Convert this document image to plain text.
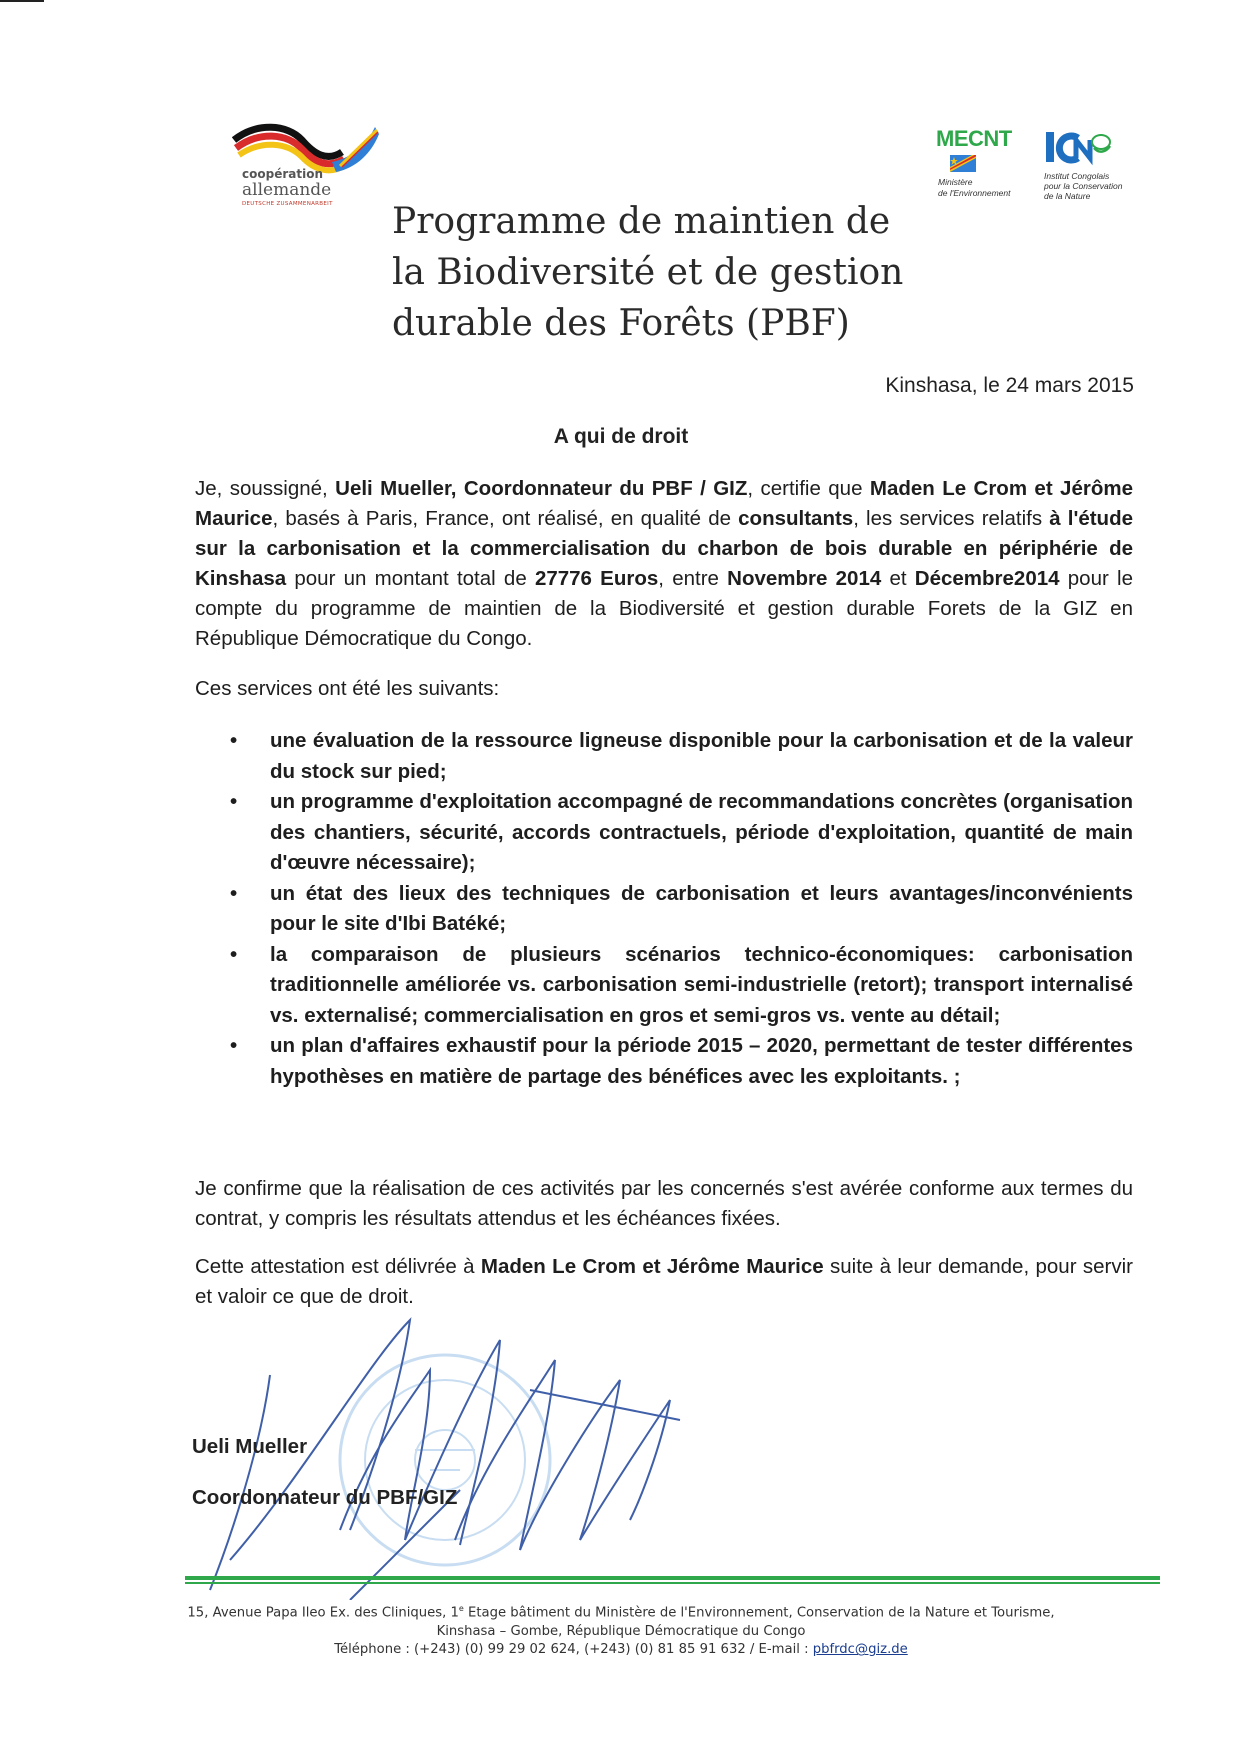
coopération
allemande
DEUTSCHE ZUSAMMENARBEIT
MECNT
Ministère
de l'Environnement
Institut Congolais
pour la Conservation
de la Nature
Programme de maintien de
la Biodiversité et de gestion
durable des Forêts (PBF)
Kinshasa, le 24 mars 2015
A qui de droit

Je, soussigné, Ueli Mueller, Coordonnateur du PBF / GIZ, certifie que Maden Le Crom et Jérôme Maurice, basés à Paris, France, ont réalisé, en qualité de consultants, les services relatifs à l'étude sur la carbonisation et la commercialisation du charbon de bois durable en périphérie de Kinshasa pour un montant total de 27776 Euros, entre Novembre 2014 et Décembre2014 pour le compte du programme de maintien de la Biodiversité et gestion durable Forets de la GIZ en République Démocratique du Congo.

Ces services ont été les suivants:

•	une évaluation de la ressource ligneuse disponible pour la carbonisation et de la valeur du stock sur pied;
•	un programme d'exploitation accompagné de recommandations concrètes (organisation des chantiers, sécurité, accords contractuels, période d'exploitation, quantité de main d'œuvre nécessaire);
•	un état des lieux des techniques de carbonisation et leurs avantages/inconvénients pour le site d'Ibi Batéké;
•	la comparaison de plusieurs scénarios technico-économiques: carbonisation traditionnelle améliorée vs. carbonisation semi-industrielle (retort); transport internalisé vs. externalisé; commercialisation en gros et semi-gros vs. vente au détail;
•	un plan d'affaires exhaustif pour la période 2015 – 2020, permettant de tester différentes hypothèses en matière de partage des bénéfices avec les exploitants. ;

Je confirme que la réalisation de ces activités par les concernés s'est avérée conforme aux termes du contrat, y compris les résultats attendus et les échéances fixées.

Cette attestation est délivrée à Maden Le Crom et Jérôme Maurice suite à leur demande, pour servir et valoir ce que de droit.

Ueli Mueller
Coordonnateur du PBF/GIZ
15, Avenue Papa Ileo Ex. des Cliniques, 1e Etage bâtiment du Ministère de l'Environnement, Conservation de la Nature et Tourisme,
Kinshasa – Gombe, République Démocratique du Congo
Téléphone : (+243) (0) 99 29 02 624, (+243) (0) 81 85 91 632 / E-mail : pbfrdc@giz.de
